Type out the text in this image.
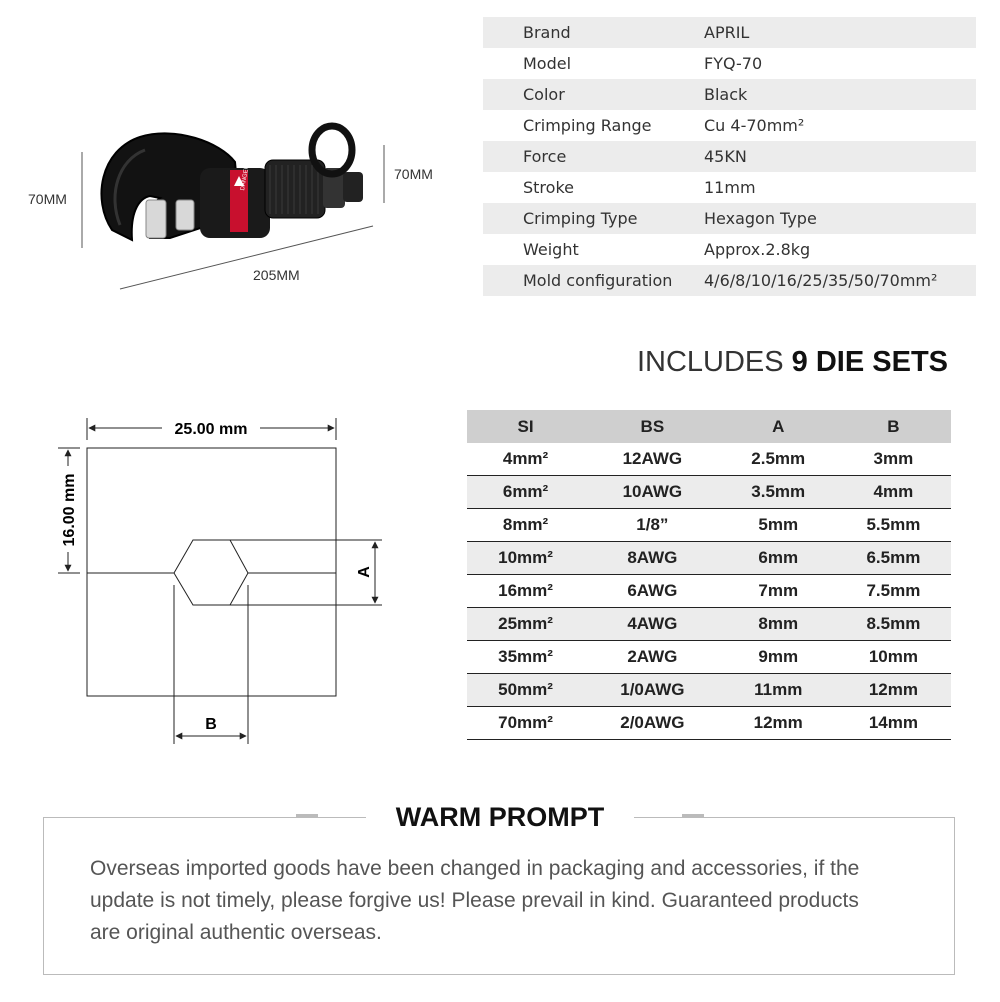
70MM
70MM
205MM
DANGER
Brand	APRIL
Model	FYQ-70
Color	Black
Crimping Range	Cu 4-70mm²
Force	45KN
Stroke	11mm
Crimping Type	Hexagon Type
Weight	Approx.2.8kg
Mold configuration	4/6/8/10/16/25/35/50/70mm²
INCLUDES 9 DIE SETS
25.00 mm
16.00 mm
A
B
SI	BS	A	B
4mm²	12AWG	2.5mm	3mm
6mm²	10AWG	3.5mm	4mm
8mm²	1/8”	5mm	5.5mm
10mm²	8AWG	6mm	6.5mm
16mm²	6AWG	7mm	7.5mm
25mm²	4AWG	8mm	8.5mm
35mm²	2AWG	9mm	10mm
50mm²	1/0AWG	11mm	12mm
70mm²	2/0AWG	12mm	14mm
WARM PROMPT
Overseas imported goods have been changed in packaging and accessories, if the
update is not timely, please forgive us! Please prevail in kind. Guaranteed products
are original authentic overseas.
